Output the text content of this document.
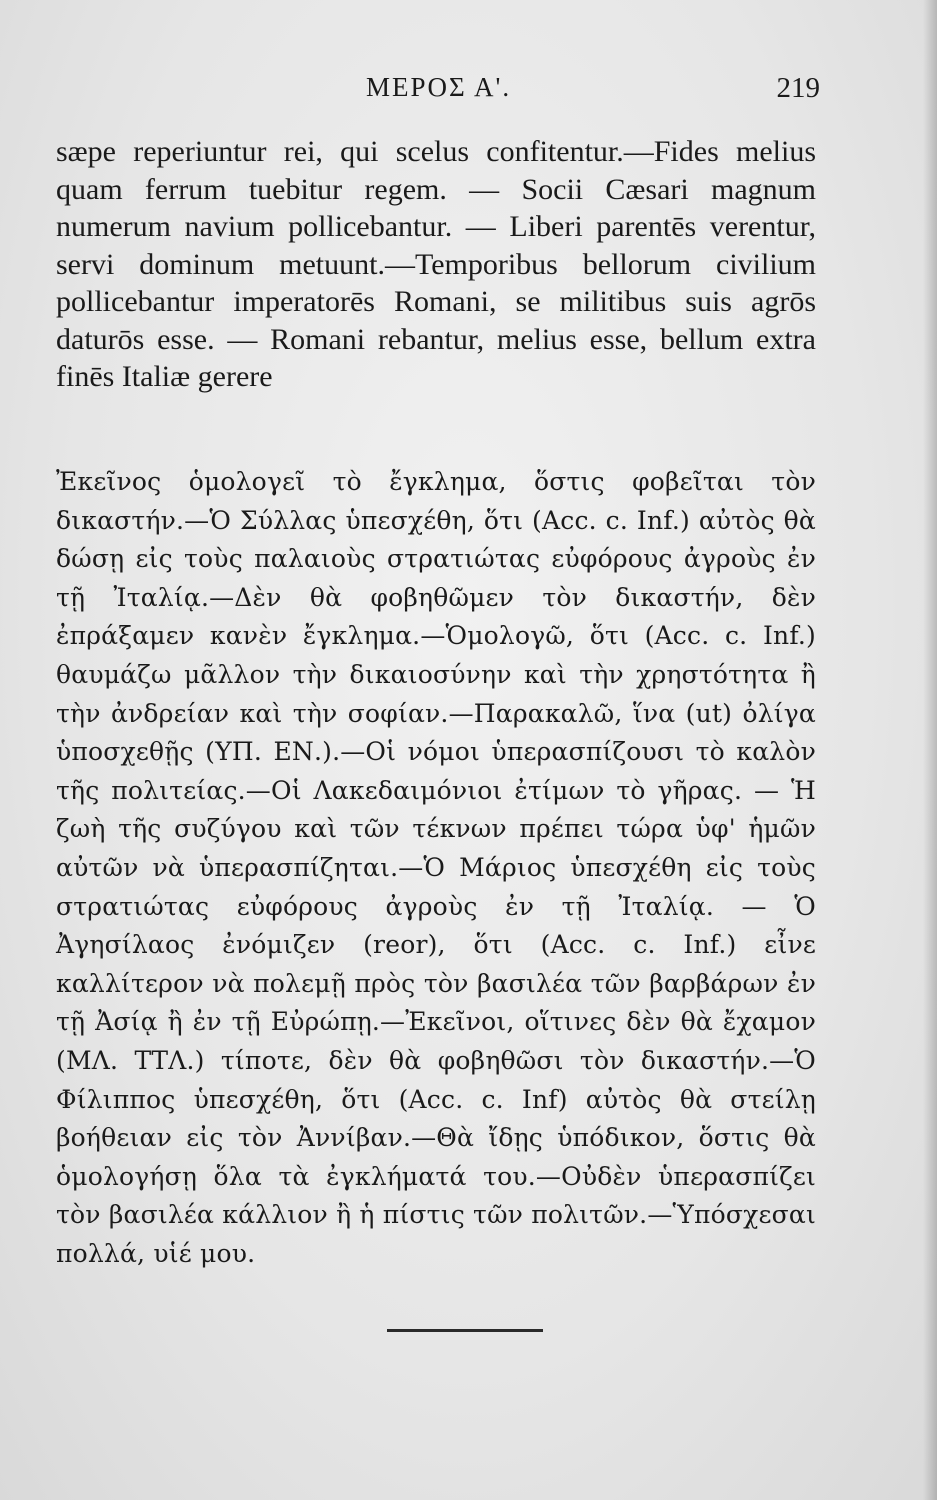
ΜΕΡΟΣ Α'.	219

sæpe reperiuntur rei, qui scelus confitentur.—Fides melius quam ferrum tuebitur regem. — Socii Cæsari magnum numerum navium pollicebantur. — Liberi parentēs verentur, servi dominum metuunt.—Temporibus bellorum civilium pollicebantur imperatorēs Romani, se militibus suis agrōs daturōs esse. — Romani rebantur, melius esse, bellum extra finēs Italiæ gerere

Ἐκεῖνος ὁμολογεῖ τὸ ἔγκλημα, ὅστις φοβεῖται τὸν δικαστήν.—Ὁ Σύλλας ὑπεσχέθη, ὅτι (Acc. c. Inf.) αὐτὸς θὰ δώσῃ εἰς τοὺς παλαιοὺς στρατιώτας εὐφόρους ἀγροὺς ἐν τῇ Ἰταλίᾳ.—Δὲν θὰ φοβηθῶμεν τὸν δικαστήν, δὲν ἐπράξαμεν κανὲν ἔγκλημα.—Ὁμολογῶ, ὅτι (Acc. c. Inf.) θαυμάζω μᾶλλον τὴν δικαιοσύνην καὶ τὴν χρηστότητα ἢ τὴν ἀνδρείαν καὶ τὴν σοφίαν.—Παρακαλῶ, ἵνα (ut) ὀλίγα ὑποσχεθῇς (ΥΠ. ΕΝ.).—Οἱ νόμοι ὑπερασπίζουσι τὸ καλὸν τῆς πολιτείας.—Οἱ Λακεδαιμόνιοι ἐτίμων τὸ γῆρας. — Ἡ ζωὴ τῆς συζύγου καὶ τῶν τέκνων πρέπει τώρα ὑφ' ἡμῶν αὐτῶν νὰ ὑπερασπίζηται.—Ὁ Μάριος ὑπεσχέθη εἰς τοὺς στρατιώτας εὐφόρους ἀγροὺς ἐν τῇ Ἰταλίᾳ. — Ὁ Ἀγησίλαος ἐνόμιζεν (reor), ὅτι (Acc. c. Inf.) εἶνε καλλίτερον νὰ πολεμῇ πρὸς τὸν βασιλέα τῶν βαρβάρων ἐν τῇ Ἀσίᾳ ἢ ἐν τῇ Εὐρώπῃ.—Ἐκεῖνοι, οἵτινες δὲν θὰ ἔχαμον (ΜΛ. ΤΤΛ.) τίποτε, δὲν θὰ φοβηθῶσι τὸν δικαστήν.—Ὁ Φίλιππος ὑπεσχέθη, ὅτι (Acc. c. Inf) αὐτὸς θὰ στείλῃ βοήθειαν εἰς τὸν Ἀννίβαν.—Θὰ ἴδῃς ὑπόδικον, ὅστις θὰ ὁμολογήσῃ ὅλα τὰ ἐγκλήματά του.—Οὐδὲν ὑπερασπίζει τὸν βασιλέα κάλλιον ἢ ἡ πίστις τῶν πολιτῶν.—Ὑπόσχεσαι πολλά, υἱέ μου.
